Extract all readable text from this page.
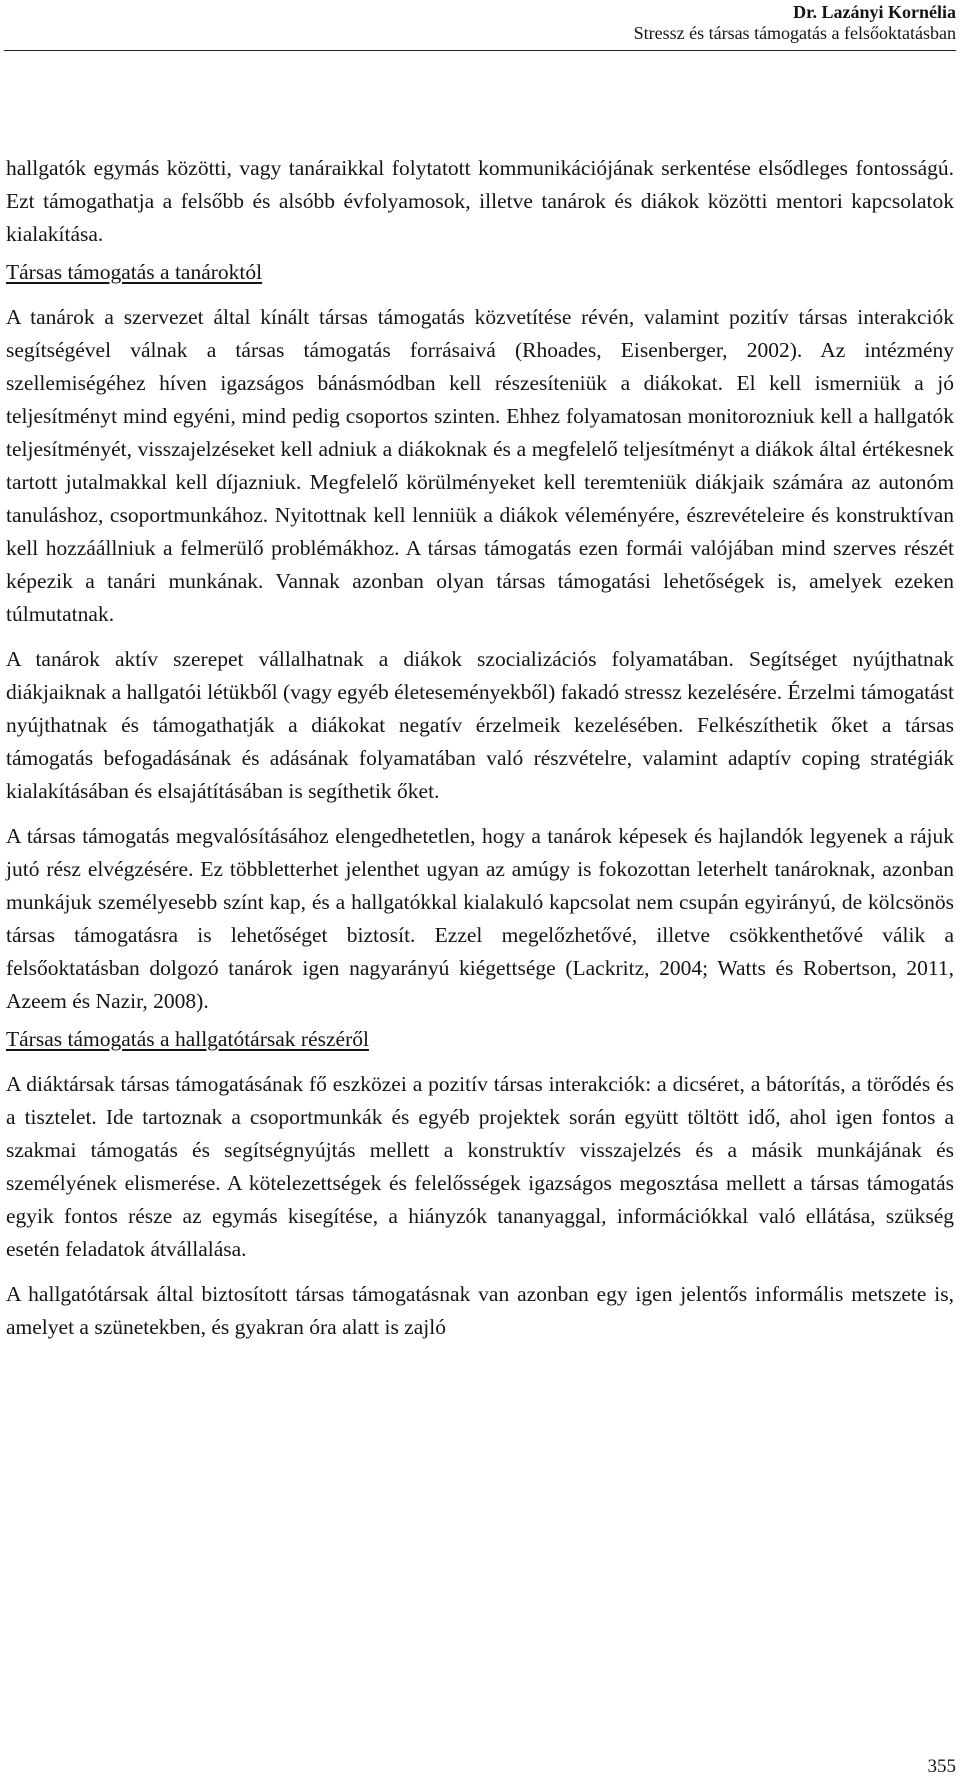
Dr. Lazányi Kornélia
Stressz és társas támogatás a felsőoktatásban

hallgatók egymás közötti, vagy tanáraikkal folytatott kommunikációjának serkentése elsődleges fontosságú. Ezt támogathatja a felsőbb és alsóbb évfolyamosok, illetve tanárok és diákok közötti mentori kapcsolatok kialakítása.

Társas támogatás a tanároktól

A tanárok a szervezet által kínált társas támogatás közvetítése révén, valamint pozitív társas interakciók segítségével válnak a társas támogatás forrásaivá (Rhoades, Eisenberger, 2002). Az intézmény szellemiségéhez híven igazságos bánásmódban kell részesíteniük a diákokat. El kell ismerniük a jó teljesítményt mind egyéni, mind pedig csoportos szinten. Ehhez folyamatosan monitorozniuk kell a hallgatók teljesítményét, visszajelzéseket kell adniuk a diákoknak és a megfelelő teljesítményt a diákok által értékesnek tartott jutalmakkal kell díjazniuk. Megfelelő körülményeket kell teremteniük diákjaik számára az autonóm tanuláshoz, csoportmunkához. Nyitottnak kell lenniük a diákok véleményére, észrevételeire és konstruktívan kell hozzáállniuk a felmerülő problémákhoz. A társas támogatás ezen formái valójában mind szerves részét képezik a tanári munkának. Vannak azonban olyan társas támogatási lehetőségek is, amelyek ezeken túlmutatnak.

A tanárok aktív szerepet vállalhatnak a diákok szocializációs folyamatában. Segítséget nyújthatnak diákjaiknak a hallgatói létükből (vagy egyéb életeseményekből) fakadó stressz kezelésére. Érzelmi támogatást nyújthatnak és támogathatják a diákokat negatív érzelmeik kezelésében. Felkészíthetik őket a társas támogatás befogadásának és adásának folyamatában való részvételre, valamint adaptív coping stratégiák kialakításában és elsajátításában is segíthetik őket.

A társas támogatás megvalósításához elengedhetetlen, hogy a tanárok képesek és hajlandók legyenek a rájuk jutó rész elvégzésére. Ez többletterhet jelenthet ugyan az amúgy is fokozottan leterhelt tanároknak, azonban munkájuk személyesebb színt kap, és a hallgatókkal kialakuló kapcsolat nem csupán egyirányú, de kölcsönös társas támogatásra is lehetőséget biztosít. Ezzel megelőzhetővé, illetve csökkenthetővé válik a felsőoktatásban dolgozó tanárok igen nagyarányú kiégettsége (Lackritz, 2004; Watts és Robertson, 2011, Azeem és Nazir, 2008).

Társas támogatás a hallgatótársak részéről

A diáktársak társas támogatásának fő eszközei a pozitív társas interakciók: a dicséret, a bátorítás, a törődés és a tisztelet. Ide tartoznak a csoportmunkák és egyéb projektek során együtt töltött idő, ahol igen fontos a szakmai támogatás és segítségnyújtás mellett a konstruktív visszajelzés és a másik munkájának és személyének elismerése. A kötelezettségek és felelősségek igazságos megosztása mellett a társas támogatás egyik fontos része az egymás kisegítése, a hiányzók tananyaggal, információkkal való ellátása, szükség esetén feladatok átvállalása.

A hallgatótársak által biztosított társas támogatásnak van azonban egy igen jelentős informális metszete is, amelyet a szünetekben, és gyakran óra alatt is zajló

355
